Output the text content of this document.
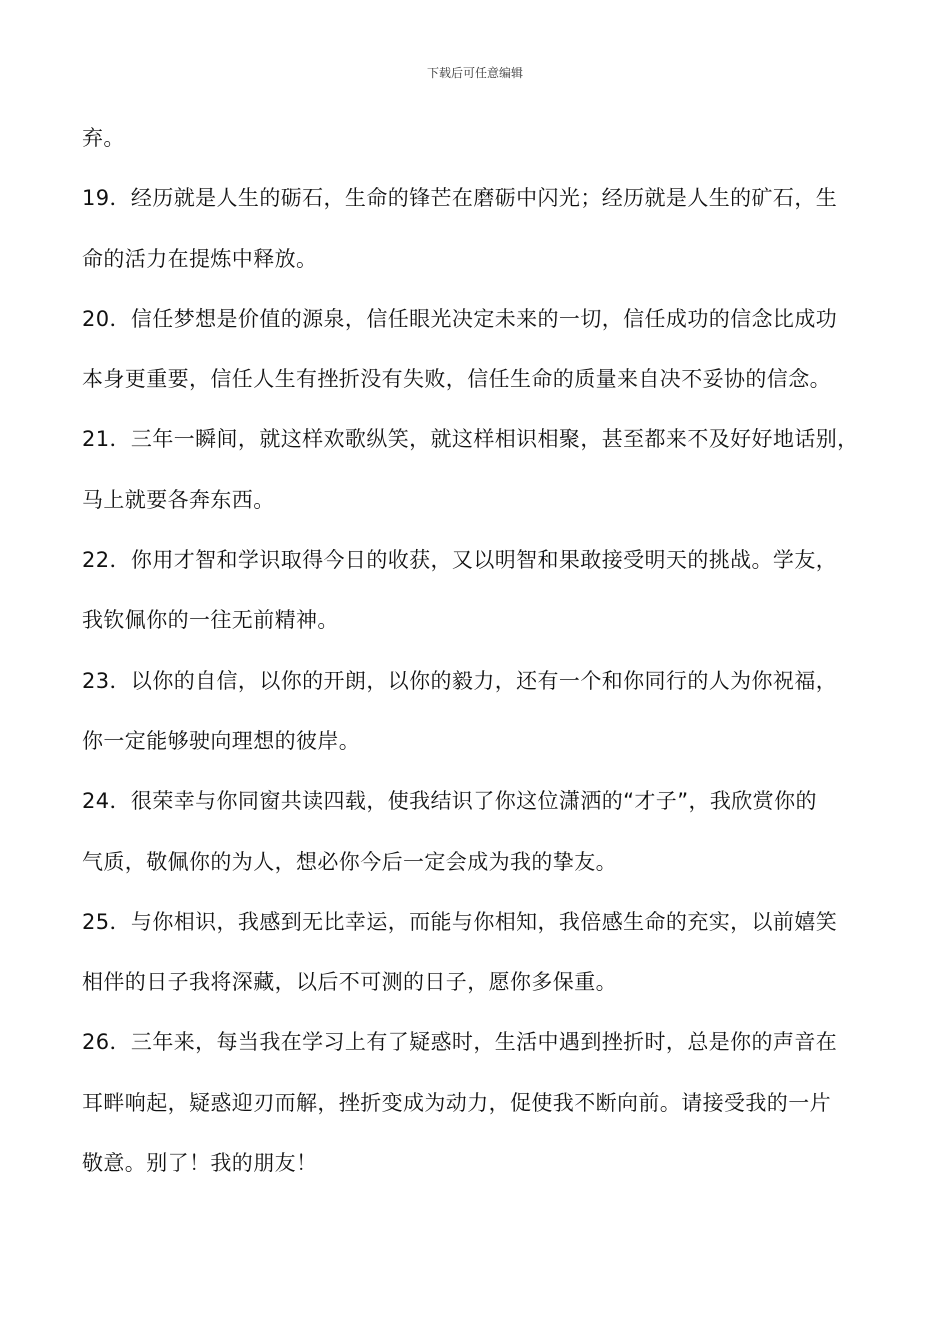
下载后可任意编辑

弃。

19．经历就是人生的砺石，生命的锋芒在磨砺中闪光；经历就是人生的矿石，生

命的活力在提炼中释放。

20．信任梦想是价值的源泉，信任眼光决定未来的一切，信任成功的信念比成功

本身更重要，信任人生有挫折没有失败，信任生命的质量来自决不妥协的信念。

21．三年一瞬间，就这样欢歌纵笑，就这样相识相聚，甚至都来不及好好地话别，

马上就要各奔东西。

22．你用才智和学识取得今日的收获，又以明智和果敢接受明天的挑战。学友，

我钦佩你的一往无前精神。

23．以你的自信，以你的开朗，以你的毅力，还有一个和你同行的人为你祝福，

你一定能够驶向理想的彼岸。

24．很荣幸与你同窗共读四载，使我结识了你这位潇洒的“才子”，我欣赏你的

气质，敬佩你的为人，想必你今后一定会成为我的挚友。

25．与你相识，我感到无比幸运，而能与你相知，我倍感生命的充实，以前嬉笑

相伴的日子我将深藏，以后不可测的日子，愿你多保重。

26．三年来，每当我在学习上有了疑惑时，生活中遇到挫折时，总是你的声音在

耳畔响起，疑惑迎刃而解，挫折变成为动力，促使我不断向前。请接受我的一片

敬意。别了！我的朋友！
